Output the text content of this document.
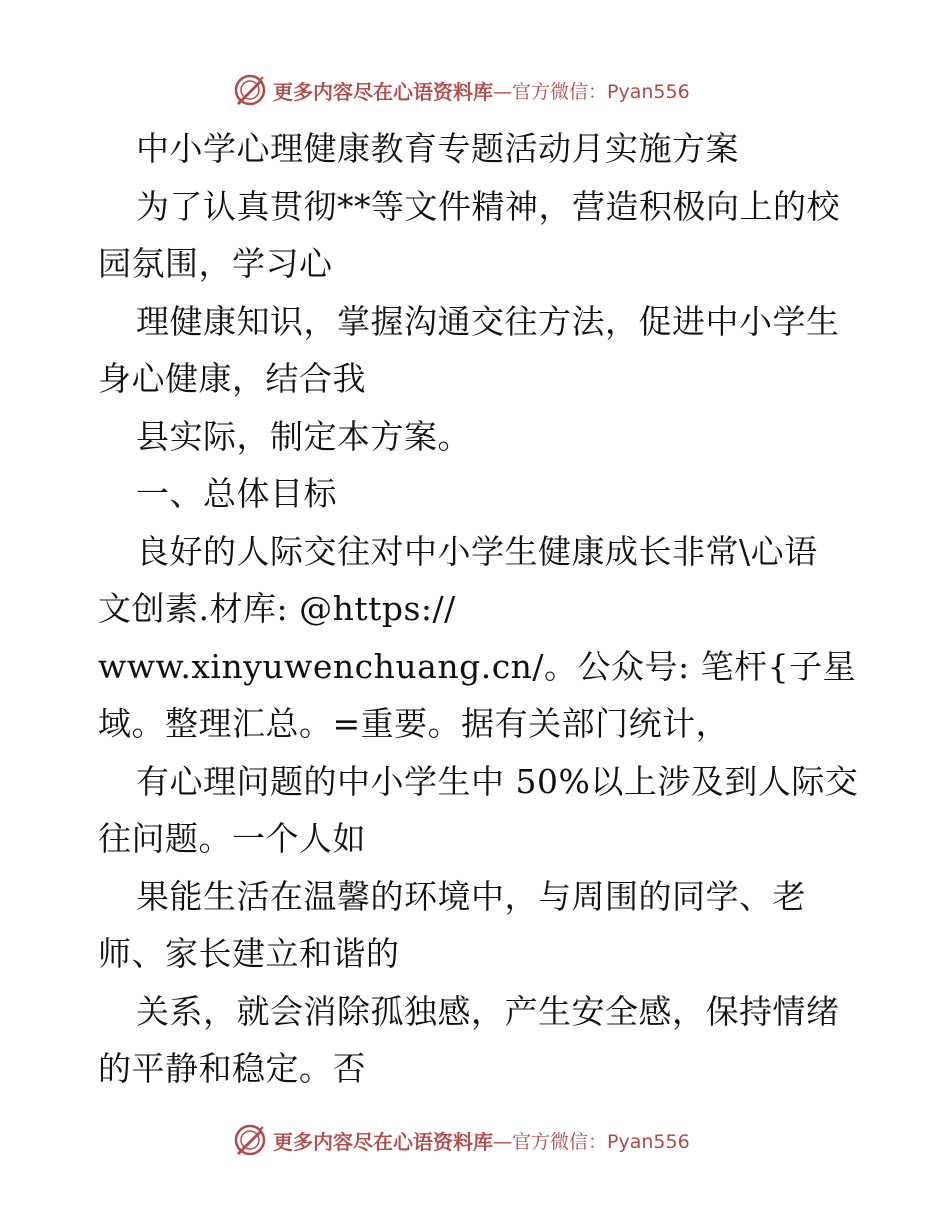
更多内容尽在心语资料库 —官方微信：Pyan556
中小学心理健康教育专题活动月实施方案
为了认真贯彻**等文件精神，营造积极向上的校
园氛围，学习心
理健康知识，掌握沟通交往方法，促进中小学生
身心健康，结合我
县实际，制定本方案。
一、总体目标
良好的人际交往对中小学生健康成长非常\心语
文创素.材库: @https://
www.xinyuwenchuang.cn/。公众号: 笔杆{子星
域。整理汇总。=重要。据有关部门统计，
有心理问题的中小学生中 50%以上涉及到人际交
往问题。一个人如
果能生活在温馨的环境中，与周围的同学、老
师、家长建立和谐的
关系，就会消除孤独感，产生安全感，保持情绪
的平静和稳定。否
更多内容尽在心语资料库 —官方微信：Pyan556
